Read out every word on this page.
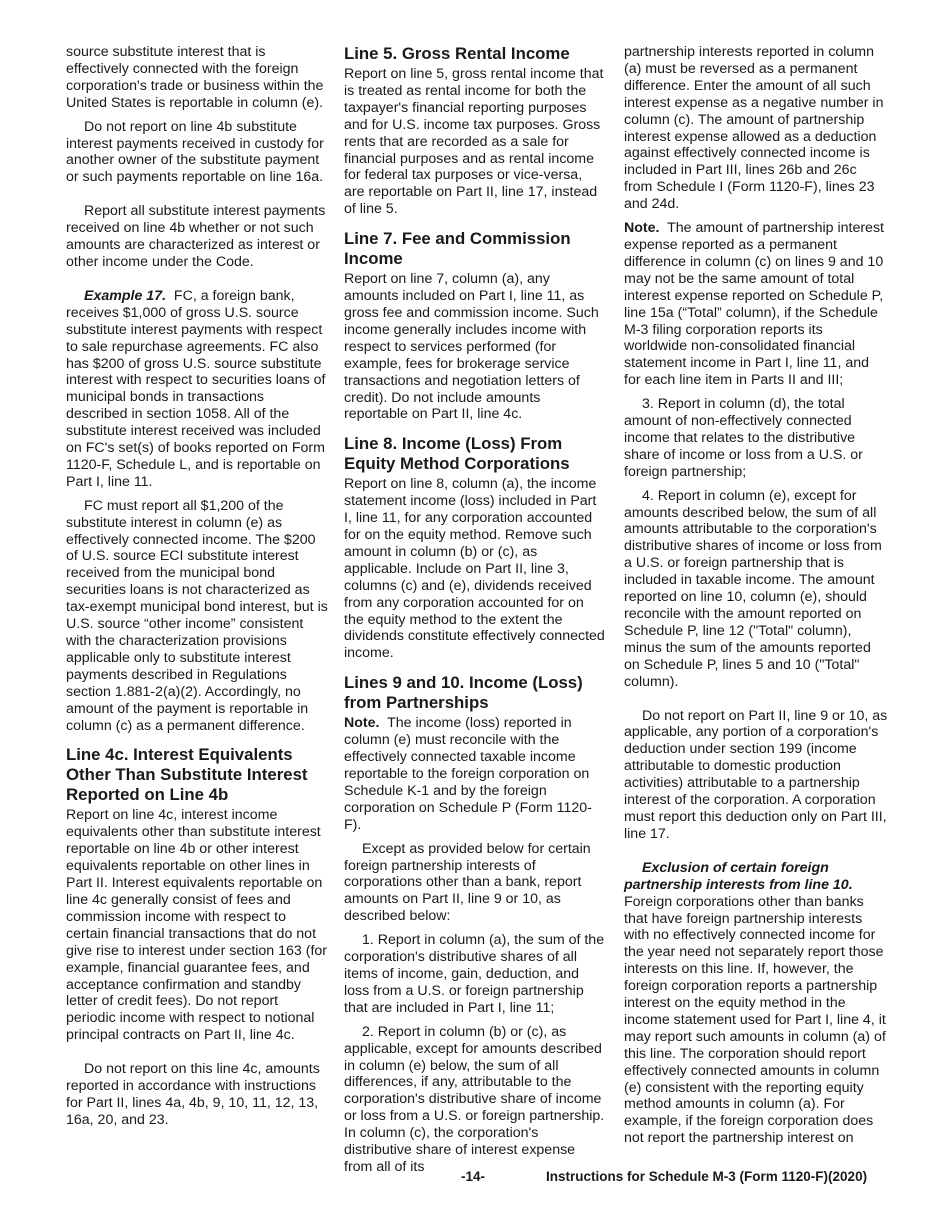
source substitute interest that is effectively connected with the foreign corporation's trade or business within the United States is reportable in column (e).

Do not report on line 4b substitute interest payments received in custody for another owner of the substitute payment or such payments reportable on line 16a.

Report all substitute interest payments received on line 4b whether or not such amounts are characterized as interest or other income under the Code.

Example 17. FC, a foreign bank, receives $1,000 of gross U.S. source substitute interest payments with respect to sale repurchase agreements. FC also has $200 of gross U.S. source substitute interest with respect to securities loans of municipal bonds in transactions described in section 1058. All of the substitute interest received was included on FC's set(s) of books reported on Form 1120-F, Schedule L, and is reportable on Part I, line 11.

FC must report all $1,200 of the substitute interest in column (e) as effectively connected income. The $200 of U.S. source ECI substitute interest received from the municipal bond securities loans is not characterized as tax-exempt municipal bond interest, but is U.S. source “other income” consistent with the characterization provisions applicable only to substitute interest payments described in Regulations section 1.881-2(a)(2). Accordingly, no amount of the payment is reportable in column (c) as a permanent difference.

Line 4c. Interest Equivalents Other Than Substitute Interest Reported on Line 4b

Report on line 4c, interest income equivalents other than substitute interest reportable on line 4b or other interest equivalents reportable on other lines in Part II. Interest equivalents reportable on line 4c generally consist of fees and commission income with respect to certain financial transactions that do not give rise to interest under section 163 (for example, financial guarantee fees, and acceptance confirmation and standby letter of credit fees). Do not report periodic income with respect to notional principal contracts on Part II, line 4c.

Do not report on this line 4c, amounts reported in accordance with instructions for Part II, lines 4a, 4b, 9, 10, 11, 12, 13, 16a, 20, and 23.

Line 5. Gross Rental Income

Report on line 5, gross rental income that is treated as rental income for both the taxpayer's financial reporting purposes and for U.S. income tax purposes. Gross rents that are recorded as a sale for financial purposes and as rental income for federal tax purposes or vice-versa, are reportable on Part II, line 17, instead of line 5.

Line 7. Fee and Commission Income

Report on line 7, column (a), any amounts included on Part I, line 11, as gross fee and commission income. Such income generally includes income with respect to services performed (for example, fees for brokerage service transactions and negotiation letters of credit). Do not include amounts reportable on Part II, line 4c.

Line 8. Income (Loss) From Equity Method Corporations

Report on line 8, column (a), the income statement income (loss) included in Part I, line 11, for any corporation accounted for on the equity method. Remove such amount in column (b) or (c), as applicable. Include on Part II, line 3, columns (c) and (e), dividends received from any corporation accounted for on the equity method to the extent the dividends constitute effectively connected income.

Lines 9 and 10. Income (Loss) from Partnerships

Note. The income (loss) reported in column (e) must reconcile with the effectively connected taxable income reportable to the foreign corporation on Schedule K-1 and by the foreign corporation on Schedule P (Form 1120-F).

Except as provided below for certain foreign partnership interests of corporations other than a bank, report amounts on Part II, line 9 or 10, as described below:

1. Report in column (a), the sum of the corporation's distributive shares of all items of income, gain, deduction, and loss from a U.S. or foreign partnership that are included in Part I, line 11;

2. Report in column (b) or (c), as applicable, except for amounts described in column (e) below, the sum of all differences, if any, attributable to the corporation's distributive share of income or loss from a U.S. or foreign partnership. In column (c), the corporation's distributive share of interest expense from all of its

partnership interests reported in column (a) must be reversed as a permanent difference. Enter the amount of all such interest expense as a negative number in column (c). The amount of partnership interest expense allowed as a deduction against effectively connected income is included in Part III, lines 26b and 26c from Schedule I (Form 1120-F), lines 23 and 24d.

Note. The amount of partnership interest expense reported as a permanent difference in column (c) on lines 9 and 10 may not be the same amount of total interest expense reported on Schedule P, line 15a (“Total” column), if the Schedule M-3 filing corporation reports its worldwide non-consolidated financial statement income in Part I, line 11, and for each line item in Parts II and III;

3. Report in column (d), the total amount of non-effectively connected income that relates to the distributive share of income or loss from a U.S. or foreign partnership;

4. Report in column (e), except for amounts described below, the sum of all amounts attributable to the corporation's distributive shares of income or loss from a U.S. or foreign partnership that is included in taxable income. The amount reported on line 10, column (e), should reconcile with the amount reported on Schedule P, line 12 ("Total" column), minus the sum of the amounts reported on Schedule P, lines 5 and 10 ("Total" column).

Do not report on Part II, line 9 or 10, as applicable, any portion of a corporation's deduction under section 199 (income attributable to domestic production activities) attributable to a partnership interest of the corporation. A corporation must report this deduction only on Part III, line 17.

Exclusion of certain foreign partnership interests from line 10. Foreign corporations other than banks that have foreign partnership interests with no effectively connected income for the year need not separately report those interests on this line. If, however, the foreign corporation reports a partnership interest on the equity method in the income statement used for Part I, line 4, it may report such amounts in column (a) of this line. The corporation should report effectively connected amounts in column (e) consistent with the reporting equity method amounts in column (a). For example, if the foreign corporation does not report the partnership interest on

-14-	Instructions for Schedule M-3 (Form 1120-F)(2020)
